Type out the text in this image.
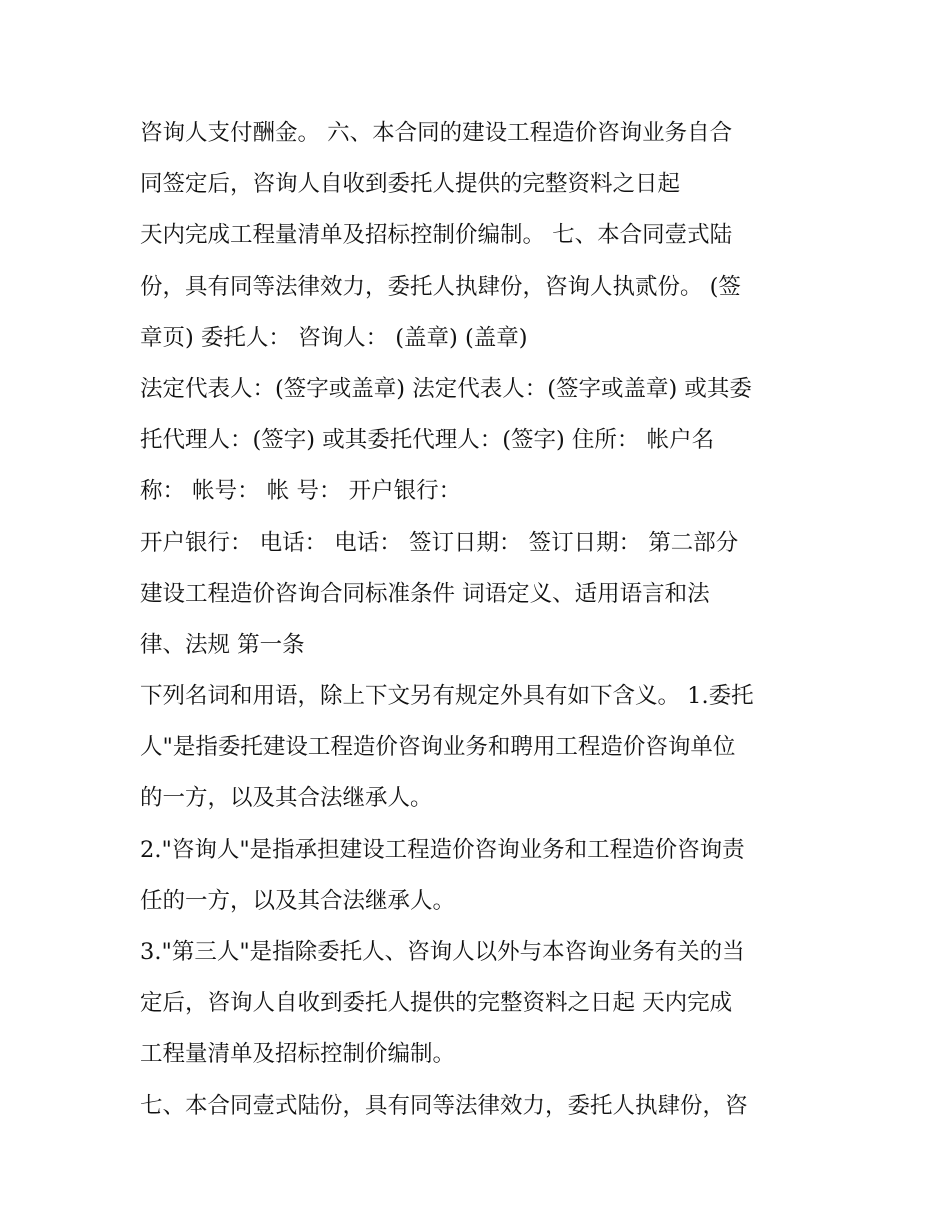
咨询人支付酬金。 六、本合同的建设工程造价咨询业务自合
同签定后，咨询人自收到委托人提供的完整资料之日起
天内完成工程量清单及招标控制价编制。 七、本合同壹式陆
份，具有同等法律效力，委托人执肆份，咨询人执贰份。 (签
章页) 委托人： 咨询人： (盖章) (盖章)
法定代表人：(签字或盖章) 法定代表人：(签字或盖章) 或其委
托代理人：(签字) 或其委托代理人：(签字) 住所： 帐户名
称： 帐号： 帐 号： 开户银行：
开户银行： 电话： 电话： 签订日期： 签订日期： 第二部分
建设工程造价咨询合同标准条件 词语定义、适用语言和法
律、法规 第一条
下列名词和用语，除上下文另有规定外具有如下含义。 1.委托
人"是指委托建设工程造价咨询业务和聘用工程造价咨询单位
的一方，以及其合法继承人。
2."咨询人"是指承担建设工程造价咨询业务和工程造价咨询责
任的一方，以及其合法继承人。
3."第三人"是指除委托人、咨询人以外与本咨询业务有关的当
定后，咨询人自收到委托人提供的完整资料之日起 天内完成
工程量清单及招标控制价编制。
七、本合同壹式陆份，具有同等法律效力，委托人执肆份，咨
